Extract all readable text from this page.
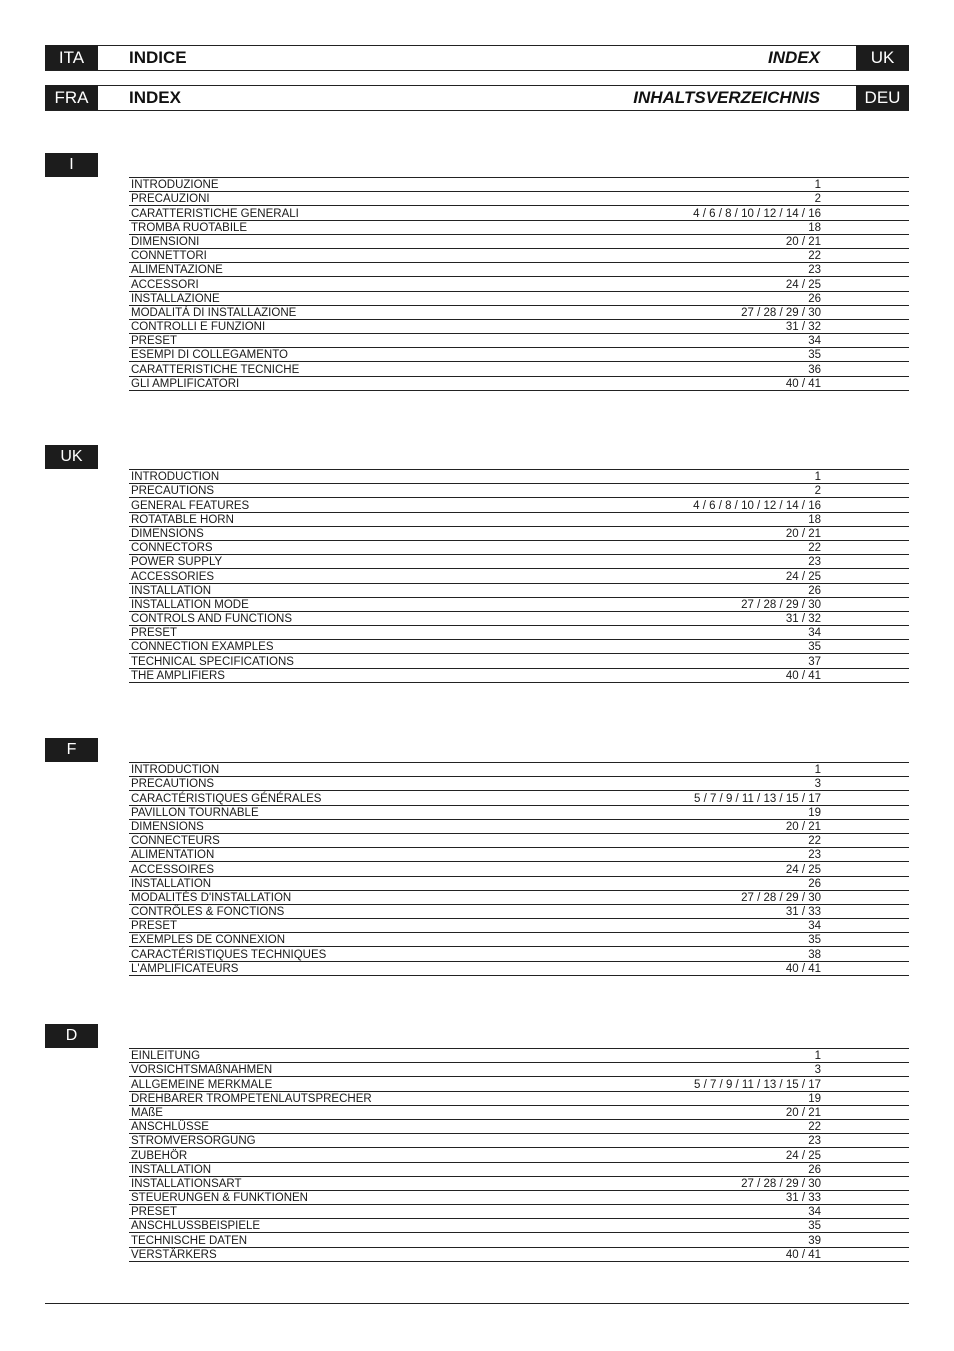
ITA	INDICE	INDEX	UK
FRA	INDEX	INHALTSVERZEICHNIS	DEU
I
INTRODUZIONE	1
PRECAUZIONI	2
CARATTERISTICHE GENERALI	4 / 6 / 8 / 10 / 12 / 14 / 16
TROMBA RUOTABILE	18
DIMENSIONI	20 / 21
CONNETTORI	22
ALIMENTAZIONE	23
ACCESSORI	24 / 25
INSTALLAZIONE	26
MODALITÀ DI INSTALLAZIONE	27 / 28 / 29 / 30
CONTROLLI E FUNZIONI	31 / 32
PRESET	34
ESEMPI DI COLLEGAMENTO	35
CARATTERISTICHE TECNICHE	36
GLI AMPLIFICATORI	40 / 41
UK
INTRODUCTION	1
PRECAUTIONS	2
GENERAL FEATURES	4 / 6 / 8 / 10 / 12 / 14 / 16
ROTATABLE HORN	18
DIMENSIONS	20 / 21
CONNECTORS	22
POWER SUPPLY	23
ACCESSORIES	24 / 25
INSTALLATION	26
INSTALLATION MODE	27 / 28 / 29 / 30
CONTROLS AND FUNCTIONS	31 / 32
PRESET	34
CONNECTION EXAMPLES	35
TECHNICAL SPECIFICATIONS	37
THE AMPLIFIERS	40 / 41
F
INTRODUCTION	1
PRECAUTIONS	3
CARACTÉRISTIQUES GÉNÉRALES	5 / 7 / 9 / 11 / 13 / 15 / 17
PAVILLON TOURNABLE	19
DIMENSIONS	20 / 21
CONNECTEURS	22
ALIMENTATION	23
ACCESSOIRES	24 / 25
INSTALLATION	26
MODALITÉS D'INSTALLATION	27 / 28 / 29 / 30
CONTRÔLES & FONCTIONS	31 / 33
PRESET	34
EXEMPLES DE CONNEXION	35
CARACTÉRISTIQUES TECHNIQUES	38
L'AMPLIFICATEURS	40 / 41
D
EINLEITUNG	1
VORSICHTSMAßNAHMEN	3
ALLGEMEINE MERKMALE	5 / 7 / 9 / 11 / 13 / 15 / 17
DREHBARER TROMPETENLAUTSPRECHER	19
MAßE	20 / 21
ANSCHLÜSSE	22
STROMVERSORGUNG	23
ZUBEHÖR	24 / 25
INSTALLATION	26
INSTALLATIONSART	27 / 28 / 29 / 30
STEUERUNGEN & FUNKTIONEN	31 / 33
PRESET	34
ANSCHLUSSBEISPIELE	35
TECHNISCHE DATEN	39
VERSTÄRKERS	40 / 41
